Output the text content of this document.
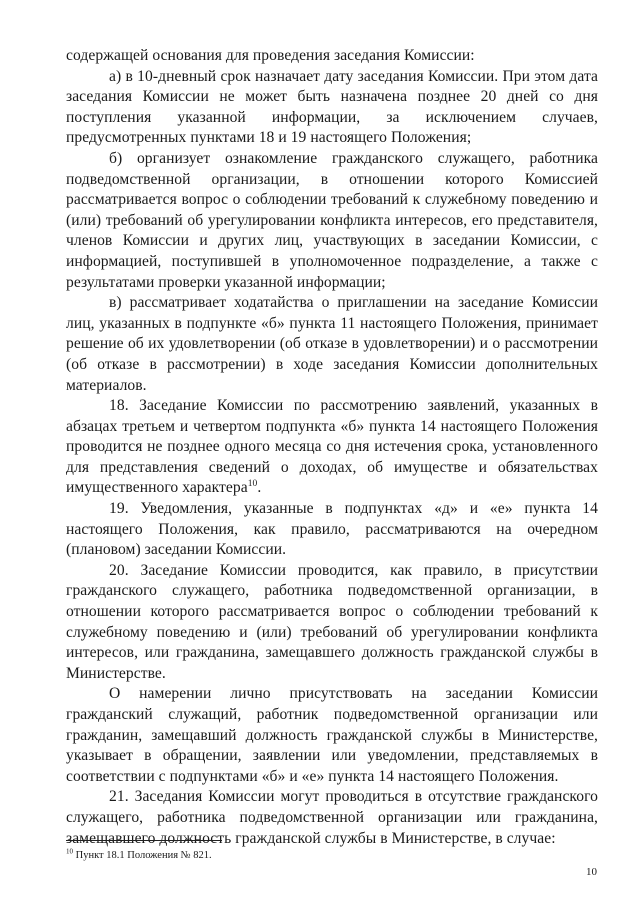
содержащей основания для проведения заседания Комиссии:

а) в 10-дневный срок назначает дату заседания Комиссии. При этом дата заседания Комиссии не может быть назначена позднее 20 дней со дня поступления указанной информации, за исключением случаев, предусмотренных пунктами 18 и 19 настоящего Положения;

б) организует ознакомление гражданского служащего, работника подведомственной организации, в отношении которого Комиссией рассматривается вопрос о соблюдении требований к служебному поведению и (или) требований об урегулировании конфликта интересов, его представителя, членов Комиссии и других лиц, участвующих в заседании Комиссии, с информацией, поступившей в уполномоченное подразделение, а также с результатами проверки указанной информации;

в) рассматривает ходатайства о приглашении на заседание Комиссии лиц, указанных в подпункте «б» пункта 11 настоящего Положения, принимает решение об их удовлетворении (об отказе в удовлетворении) и о рассмотрении (об отказе в рассмотрении) в ходе заседания Комиссии дополнительных материалов.

18. Заседание Комиссии по рассмотрению заявлений, указанных в абзацах третьем и четвертом подпункта «б» пункта 14 настоящего Положения проводится не позднее одного месяца со дня истечения срока, установленного для представления сведений о доходах, об имуществе и обязательствах имущественного характера$^{10}$.

19. Уведомления, указанные в подпунктах «д» и «е» пункта 14 настоящего Положения, как правило, рассматриваются на очередном (плановом) заседании Комиссии.

20. Заседание Комиссии проводится, как правило, в присутствии гражданского служащего, работника подведомственной организации, в отношении которого рассматривается вопрос о соблюдении требований к служебному поведению и (или) требований об урегулировании конфликта интересов, или гражданина, замещавшего должность гражданской службы в Министерстве.

О намерении лично присутствовать на заседании Комиссии гражданский служащий, работник подведомственной организации или гражданин, замещавший должность гражданской службы в Министерстве, указывает в обращении, заявлении или уведомлении, представляемых в соответствии с подпунктами «б» и «е» пункта 14 настоящего Положения.

21. Заседания Комиссии могут проводиться в отсутствие гражданского служащего, работника подведомственной организации или гражданина, замещавшего должность гражданской службы в Министерстве, в случае:

$^{10}$ Пункт 18.1 Положения № 821.
10
